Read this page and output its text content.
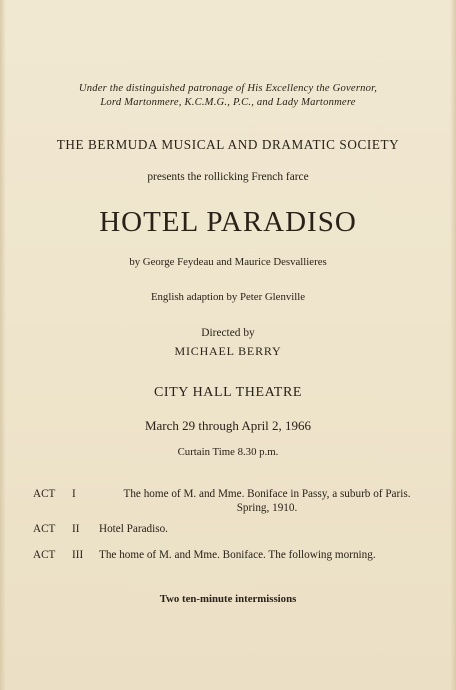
Under the distinguished patronage of His Excellency the Governor,
Lord Martonmere, K.C.M.G., P.C., and Lady Martonmere
THE BERMUDA MUSICAL AND DRAMATIC SOCIETY
presents the rollicking French farce
HOTEL PARADISO
by George Feydeau and Maurice Desvallieres
English adaption by Peter Glenville
Directed by
MICHAEL BERRY
CITY HALL THEATRE
March 29 through April 2, 1966
Curtain Time 8.30 p.m.
ACT I	The home of M. and Mme. Boniface in Passy, a suburb of Paris.
Spring, 1910.
ACT II Hotel Paradiso.
ACT III The home of M. and Mme. Boniface. The following morning.
Two ten-minute intermissions
